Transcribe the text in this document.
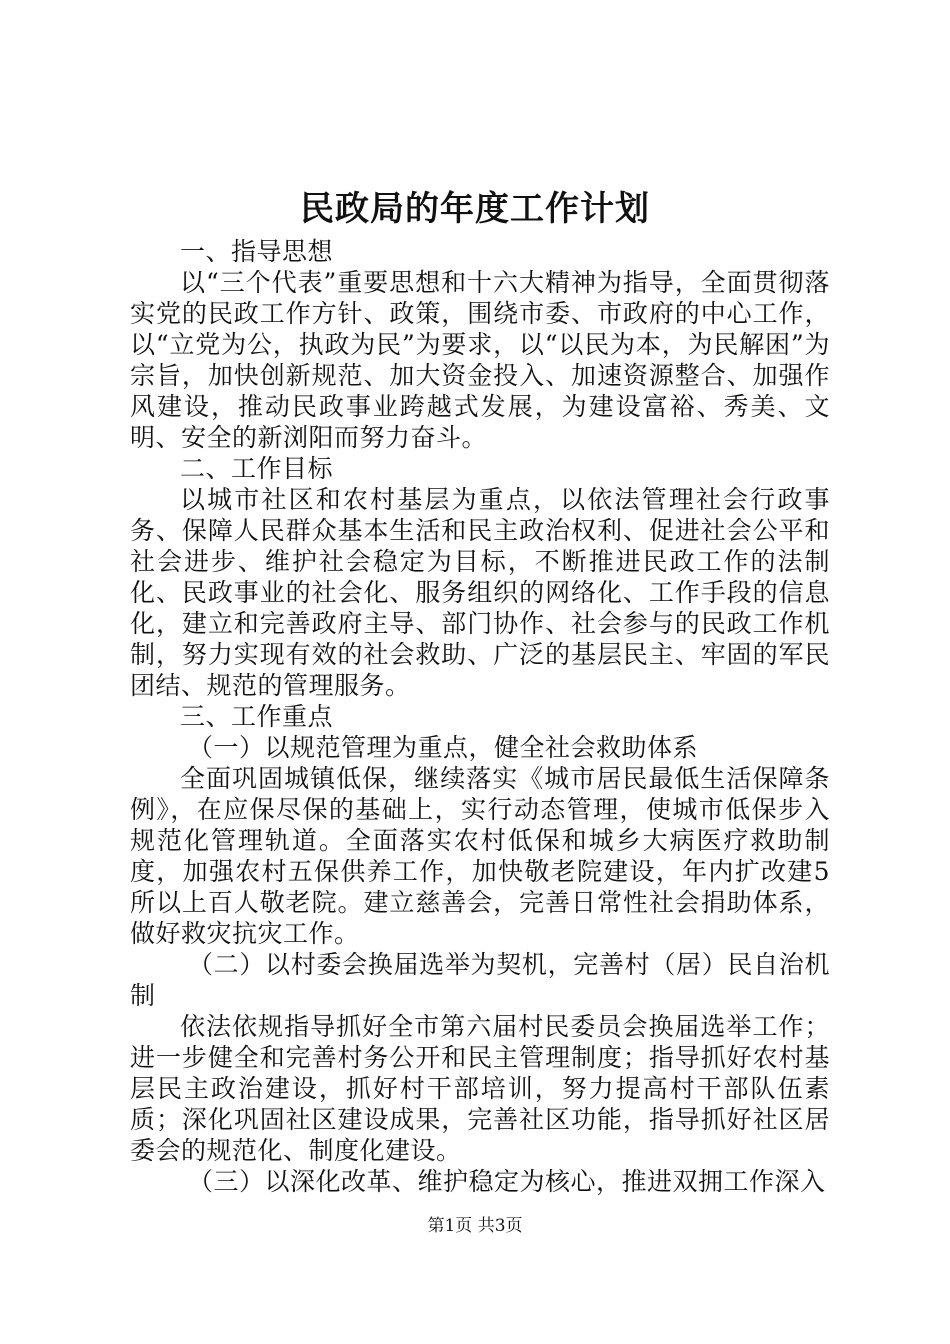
民政局的年度工作计划

一、指导思想

以“三个代表”重要思想和十六大精神为指导，全面贯彻落实党的民政工作方针、政策，围绕市委、市政府的中心工作，以“立党为公，执政为民”为要求，以“以民为本，为民解困”为宗旨，加快创新规范、加大资金投入、加速资源整合、加强作风建设，推动民政事业跨越式发展，为建设富裕、秀美、文明、安全的新浏阳而努力奋斗。

二、工作目标

以城市社区和农村基层为重点，以依法管理社会行政事务、保障人民群众基本生活和民主政治权利、促进社会公平和社会进步、维护社会稳定为目标，不断推进民政工作的法制化、民政事业的社会化、服务组织的网络化、工作手段的信息化，建立和完善政府主导、部门协作、社会参与的民政工作机制，努力实现有效的社会救助、广泛的基层民主、牢固的军民团结、规范的管理服务。

三、工作重点

（一）以规范管理为重点，健全社会救助体系

全面巩固城镇低保，继续落实《城市居民最低生活保障条例》，在应保尽保的基础上，实行动态管理，使城市低保步入规范化管理轨道。全面落实农村低保和城乡大病医疗救助制度，加强农村五保供养工作，加快敬老院建设，年内扩改建5所以上百人敬老院。建立慈善会，完善日常性社会捐助体系，做好救灾抗灾工作。

（二）以村委会换届选举为契机，完善村（居）民自治机制

依法依规指导抓好全市第六届村民委员会换届选举工作；进一步健全和完善村务公开和民主管理制度；指导抓好农村基层民主政治建设，抓好村干部培训，努力提高村干部队伍素质；深化巩固社区建设成果，完善社区功能，指导抓好社区居委会的规范化、制度化建设。

（三）以深化改革、维护稳定为核心，推进双拥工作深入

第1页 共3页
